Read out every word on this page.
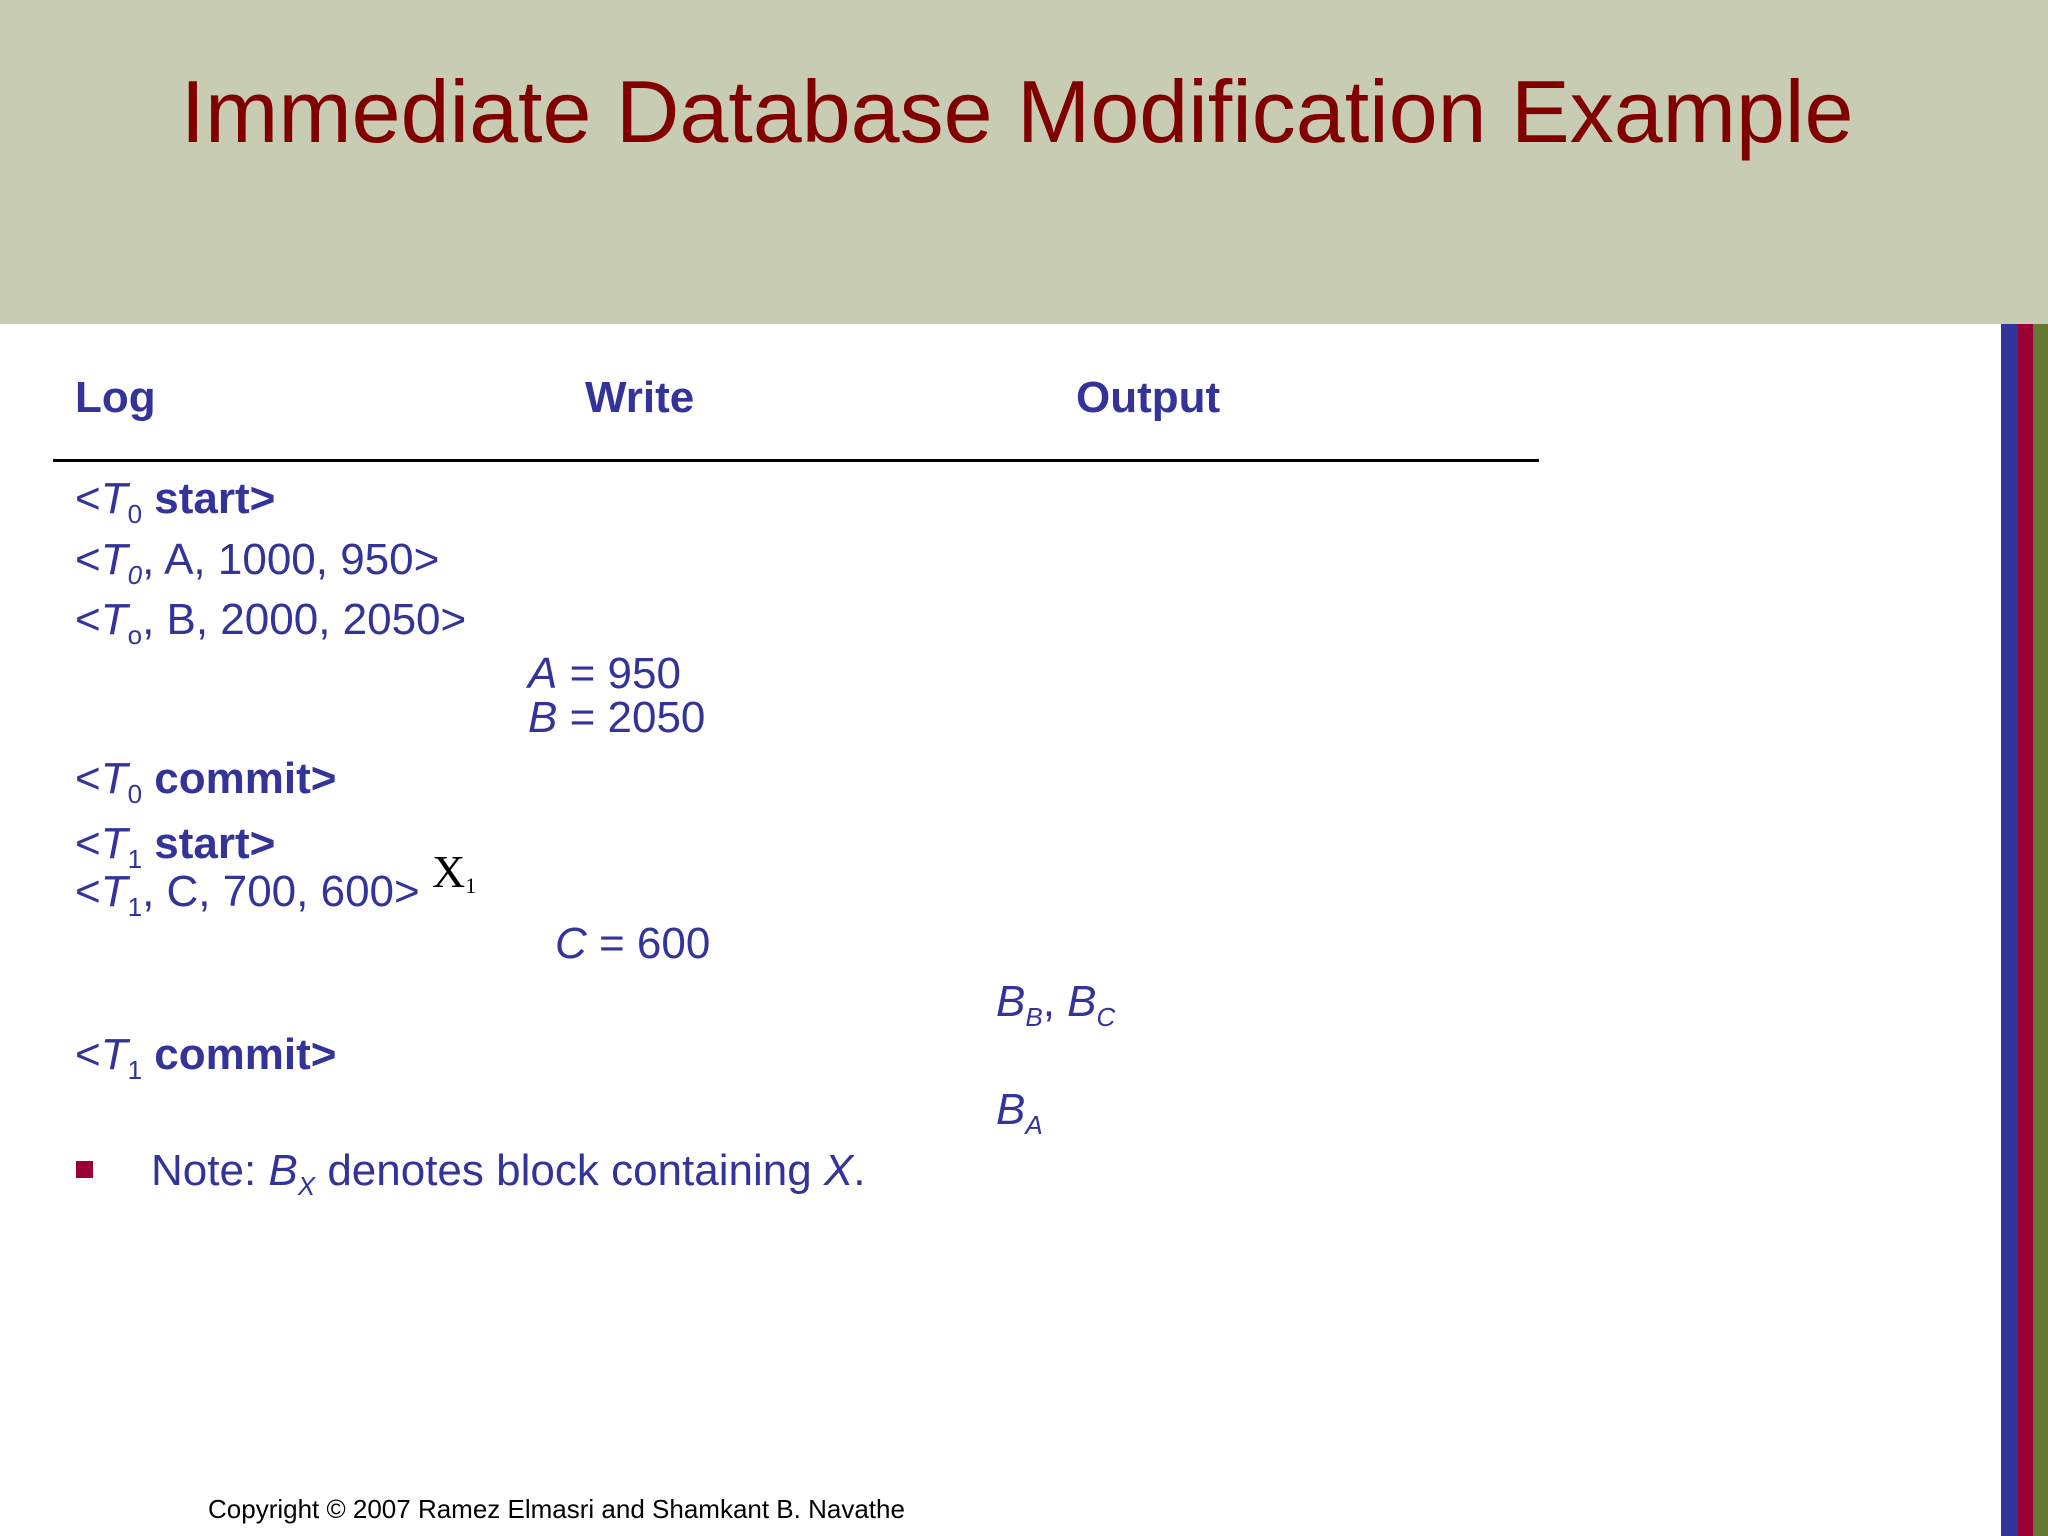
Immediate Database Modification Example
Log	Write	Output
$<T_0$ start>
$<T_0$, A, 1000, 950>
$<T_o$, B, 2000, 2050>
A = 950
B = 2050
$<T_0$ commit>
$<T_1$ start>
$<T_1$, C, 700, $600> X_1$
C = 600
$B_B$, $B_C$
$<T_1$ commit>
$B_A$
Note: $B_X$ denotes block containing X.
Copyright © 2007 Ramez Elmasri and Shamkant B. Navathe
